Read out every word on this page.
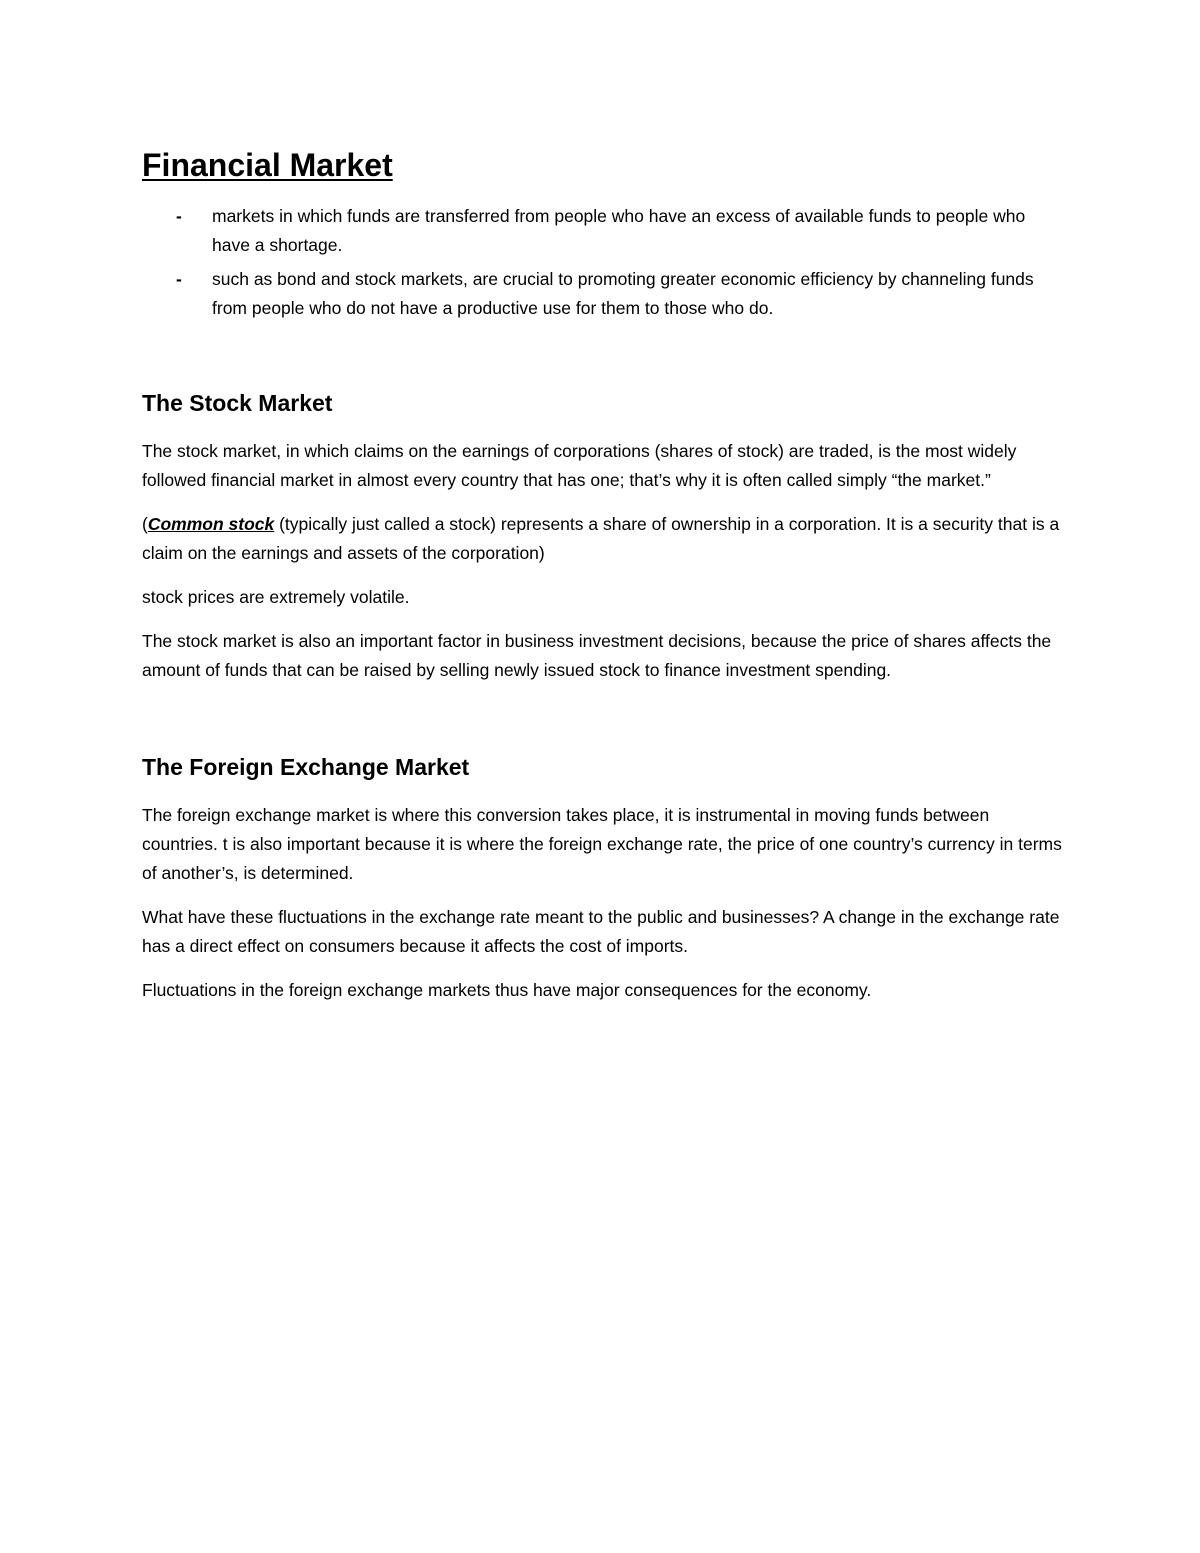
Financial Market
- markets in which funds are transferred from people who have an excess of available funds to people who have a shortage.
- such as bond and stock markets, are crucial to promoting greater economic efficiency by channeling funds from people who do not have a productive use for them to those who do.
The Stock Market

The stock market, in which claims on the earnings of corporations (shares of stock) are traded, is the most widely followed financial market in almost every country that has one; that’s why it is often called simply “the market.”

(Common stock (typically just called a stock) represents a share of ownership in a corporation. It is a security that is a claim on the earnings and assets of the corporation)

stock prices are extremely volatile.

The stock market is also an important factor in business investment decisions, because the price of shares affects the amount of funds that can be raised by selling newly issued stock to finance investment spending.

The Foreign Exchange Market

The foreign exchange market is where this conversion takes place, it is instrumental in moving funds between countries. t is also important because it is where the foreign exchange rate, the price of one country’s currency in terms of another’s, is determined.

What have these fluctuations in the exchange rate meant to the public and businesses? A change in the exchange rate has a direct effect on consumers because it affects the cost of imports.

Fluctuations in the foreign exchange markets thus have major consequences for the economy.
